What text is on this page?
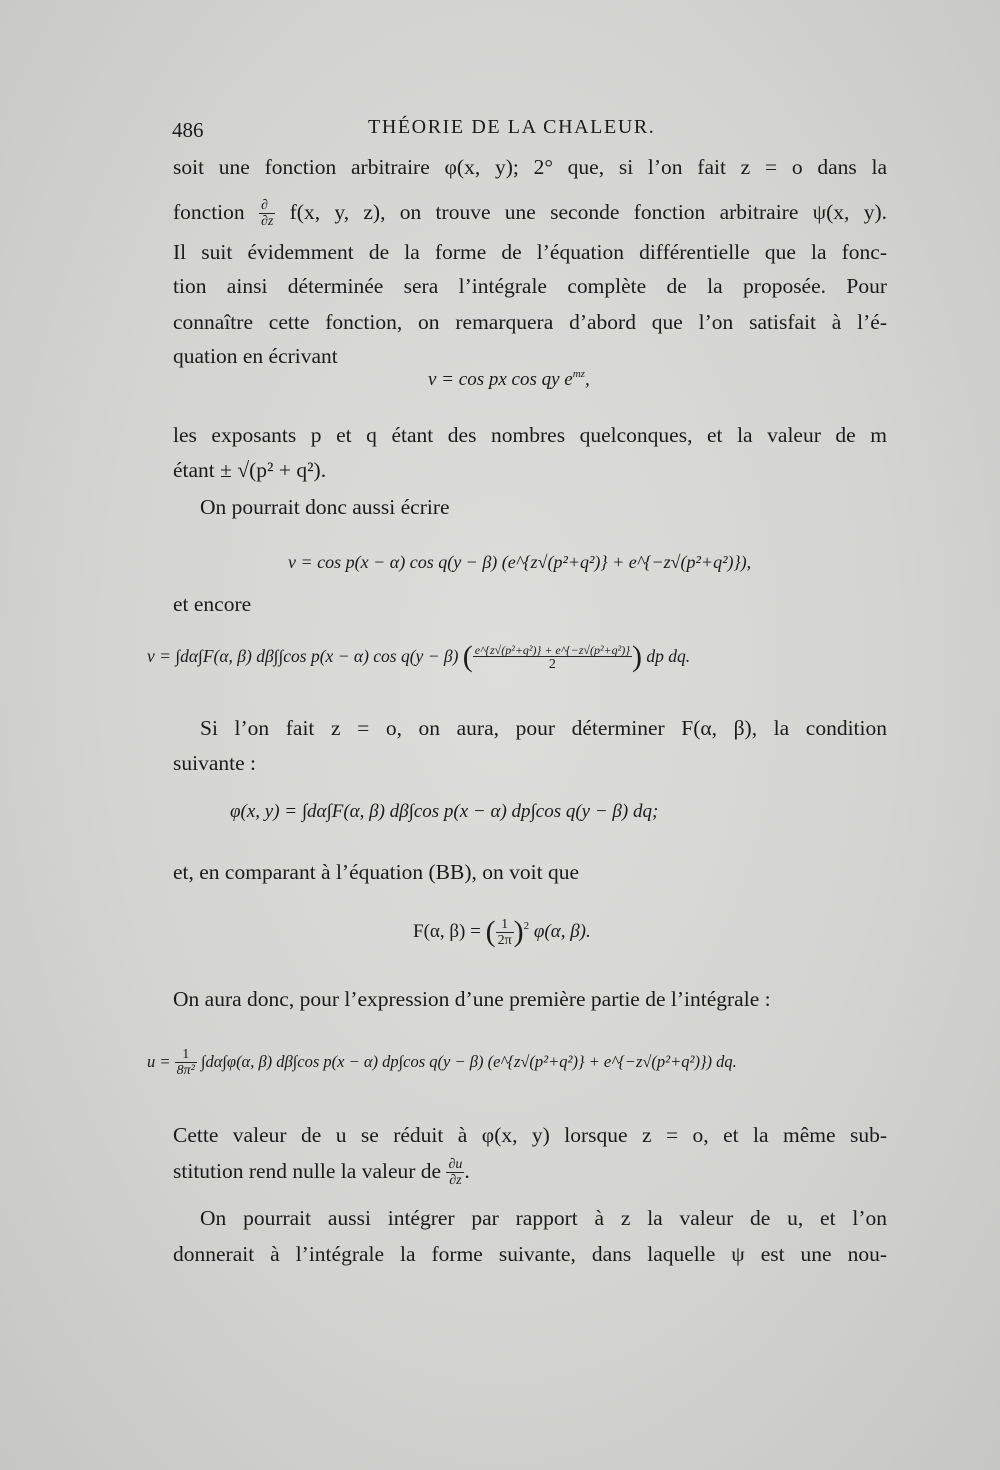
486	THÉORIE DE LA CHALEUR.
soit une fonction arbitraire φ(x, y); 2° que, si l’on fait z = o dans la
fonction $\frac{\partial}{\partial z} f(x$, y, z), on trouve une seconde fonction arbitraire ψ(x, y).
Il suit évidemment de la forme de l’équation différentielle que la fonc-
tion ainsi déterminée sera l’intégrale complète de la proposée. Pour
connaître cette fonction, on remarquera d’abord que l’on satisfait à l’é-
quation en écrivant
v = cos px cos qy $e^{mz}$,
les exposants p et q étant des nombres quelconques, et la valeur de m
étant ± √(p² + q²).
On pourrait donc aussi écrire
v = cos p(x − α) cos q(y − β) (e^{z√(p²+q²)} + e^{−z√(p²+q²)}),
et encore
v = ∫dα∫F(α, β) dβ∫∫cos p(x − α) cos q(y − β) ( $\frac{\text{e\textasciicircum{}\{z√(p²+q²)\} + e\textasciicircum{}\{−z√(p²+q²)\}}}{2}$ ) dp dq.
Si l’on fait z = o, on aura, pour déterminer F(α, β), la condition
suivante :
φ(x, y) = ∫dα∫F(α, β) dβ∫cos p(x − α) dp∫cos q(y − β) dq;
et, en comparant à l’équation (BB), on voit que
F(α, β) = ( $\frac{1}{2\pi} )^2$ φ(α, β).
On aura donc, pour l’expression d’une première partie de l’intégrale :
$u = \frac{1}{\text{8π²}} \int d\alpha\int\varphi(\alpha$, β) dβ∫cos p(x − α) dp∫cos q(y − β) (e^{z√(p²+q²)} + e^{−z√(p²+q²)}) dq.
Cette valeur de u se réduit à φ(x, y) lorsque z = o, et la même sub-
stitution rend nulle la valeur de $\frac{\partial u}{\partial z}$ .
On pourrait aussi intégrer par rapport à z la valeur de u, et l’on
donnerait à l’intégrale la forme suivante, dans laquelle ψ est une nou-
